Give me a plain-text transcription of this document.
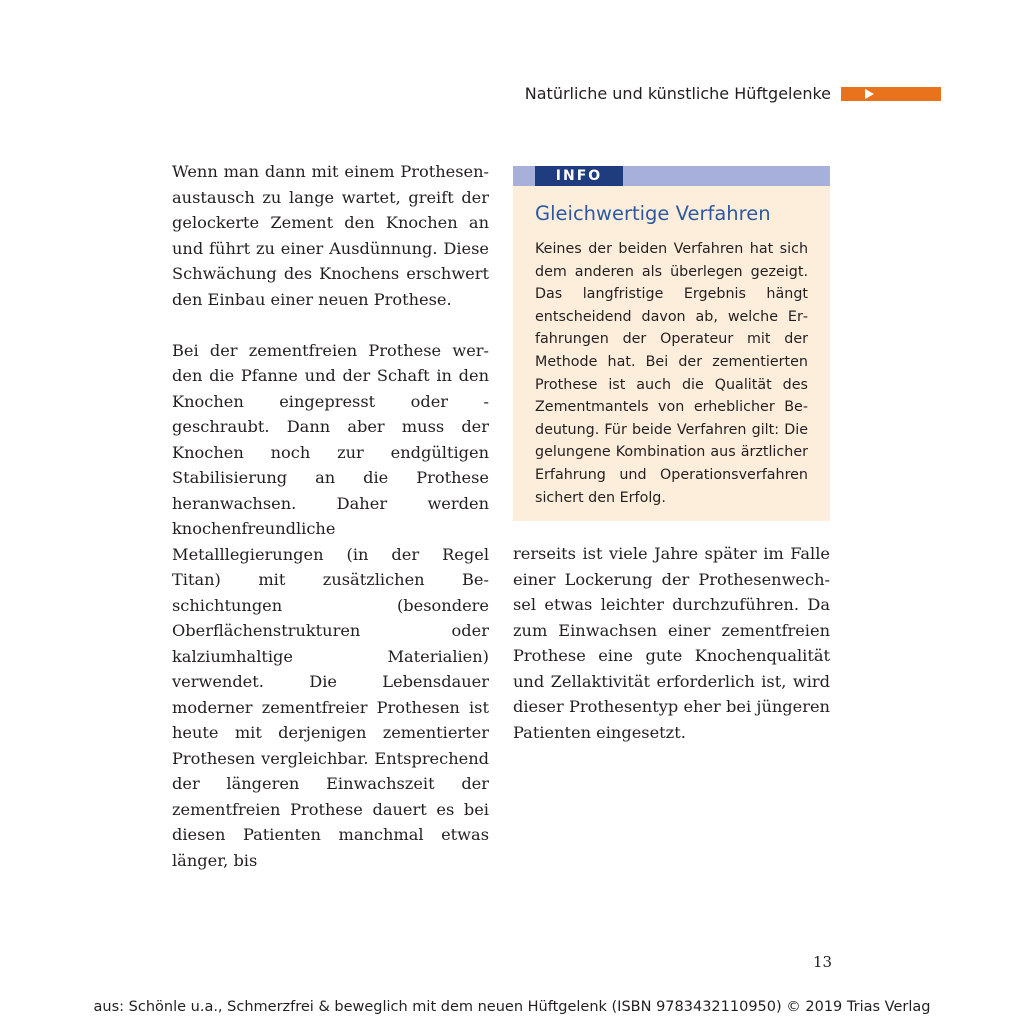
Natürliche und künstliche Hüftgelenke

Wenn man dann mit einem Prothesenaustausch zu lange wartet, greift der gelockerte Zement den Knochen an und führt zu einer Ausdünnung. Diese Schwächung des Knochens erschwert den Einbau einer neuen Prothese.

Bei der zementfreien Prothese werden die Pfanne und der Schaft in den Knochen eingepresst oder -geschraubt. Dann aber muss der Knochen noch zur endgültigen Stabilisierung an die Prothese heranwachsen. Daher werden knochenfreundliche Metalllegierungen (in der Regel Titan) mit zusätzlichen Beschichtungen (besondere Oberflächenstrukturen oder kalziumhaltige Materialien) verwendet. Die Lebensdauer moderner zementfreier Prothesen ist heute mit derjenigen zementierter Prothesen vergleichbar. Entsprechend der längeren Einwachszeit der zementfreien Prothese dauert es bei diesen Patienten manchmal etwas länger, bis

INFO
Gleichwertige Verfahren
Keines der beiden Verfahren hat sich dem anderen als überlegen gezeigt. Das langfristige Ergebnis hängt entscheidend davon ab, welche Erfahrungen der Operateur mit der Methode hat. Bei der zementierten Prothese ist auch die Qualität des Zementmantels von erheblicher Bedeutung. Für beide Verfahren gilt: Die gelungene Kombination aus ärztlicher Erfahrung und Operationsverfahren sichert den Erfolg.

rerseits ist viele Jahre später im Falle einer Lockerung der Prothesenwechsel etwas leichter durchzuführen. Da zum Einwachsen einer zementfreien Prothese eine gute Knochenqualität und Zellaktivität erforderlich ist, wird dieser Prothesentyp eher bei jüngeren Patienten eingesetzt.

13
aus: Schönle u.a., Schmerzfrei & beweglich mit dem neuen Hüftgelenk (ISBN 9783432110950) © 2019 Trias Verlag
